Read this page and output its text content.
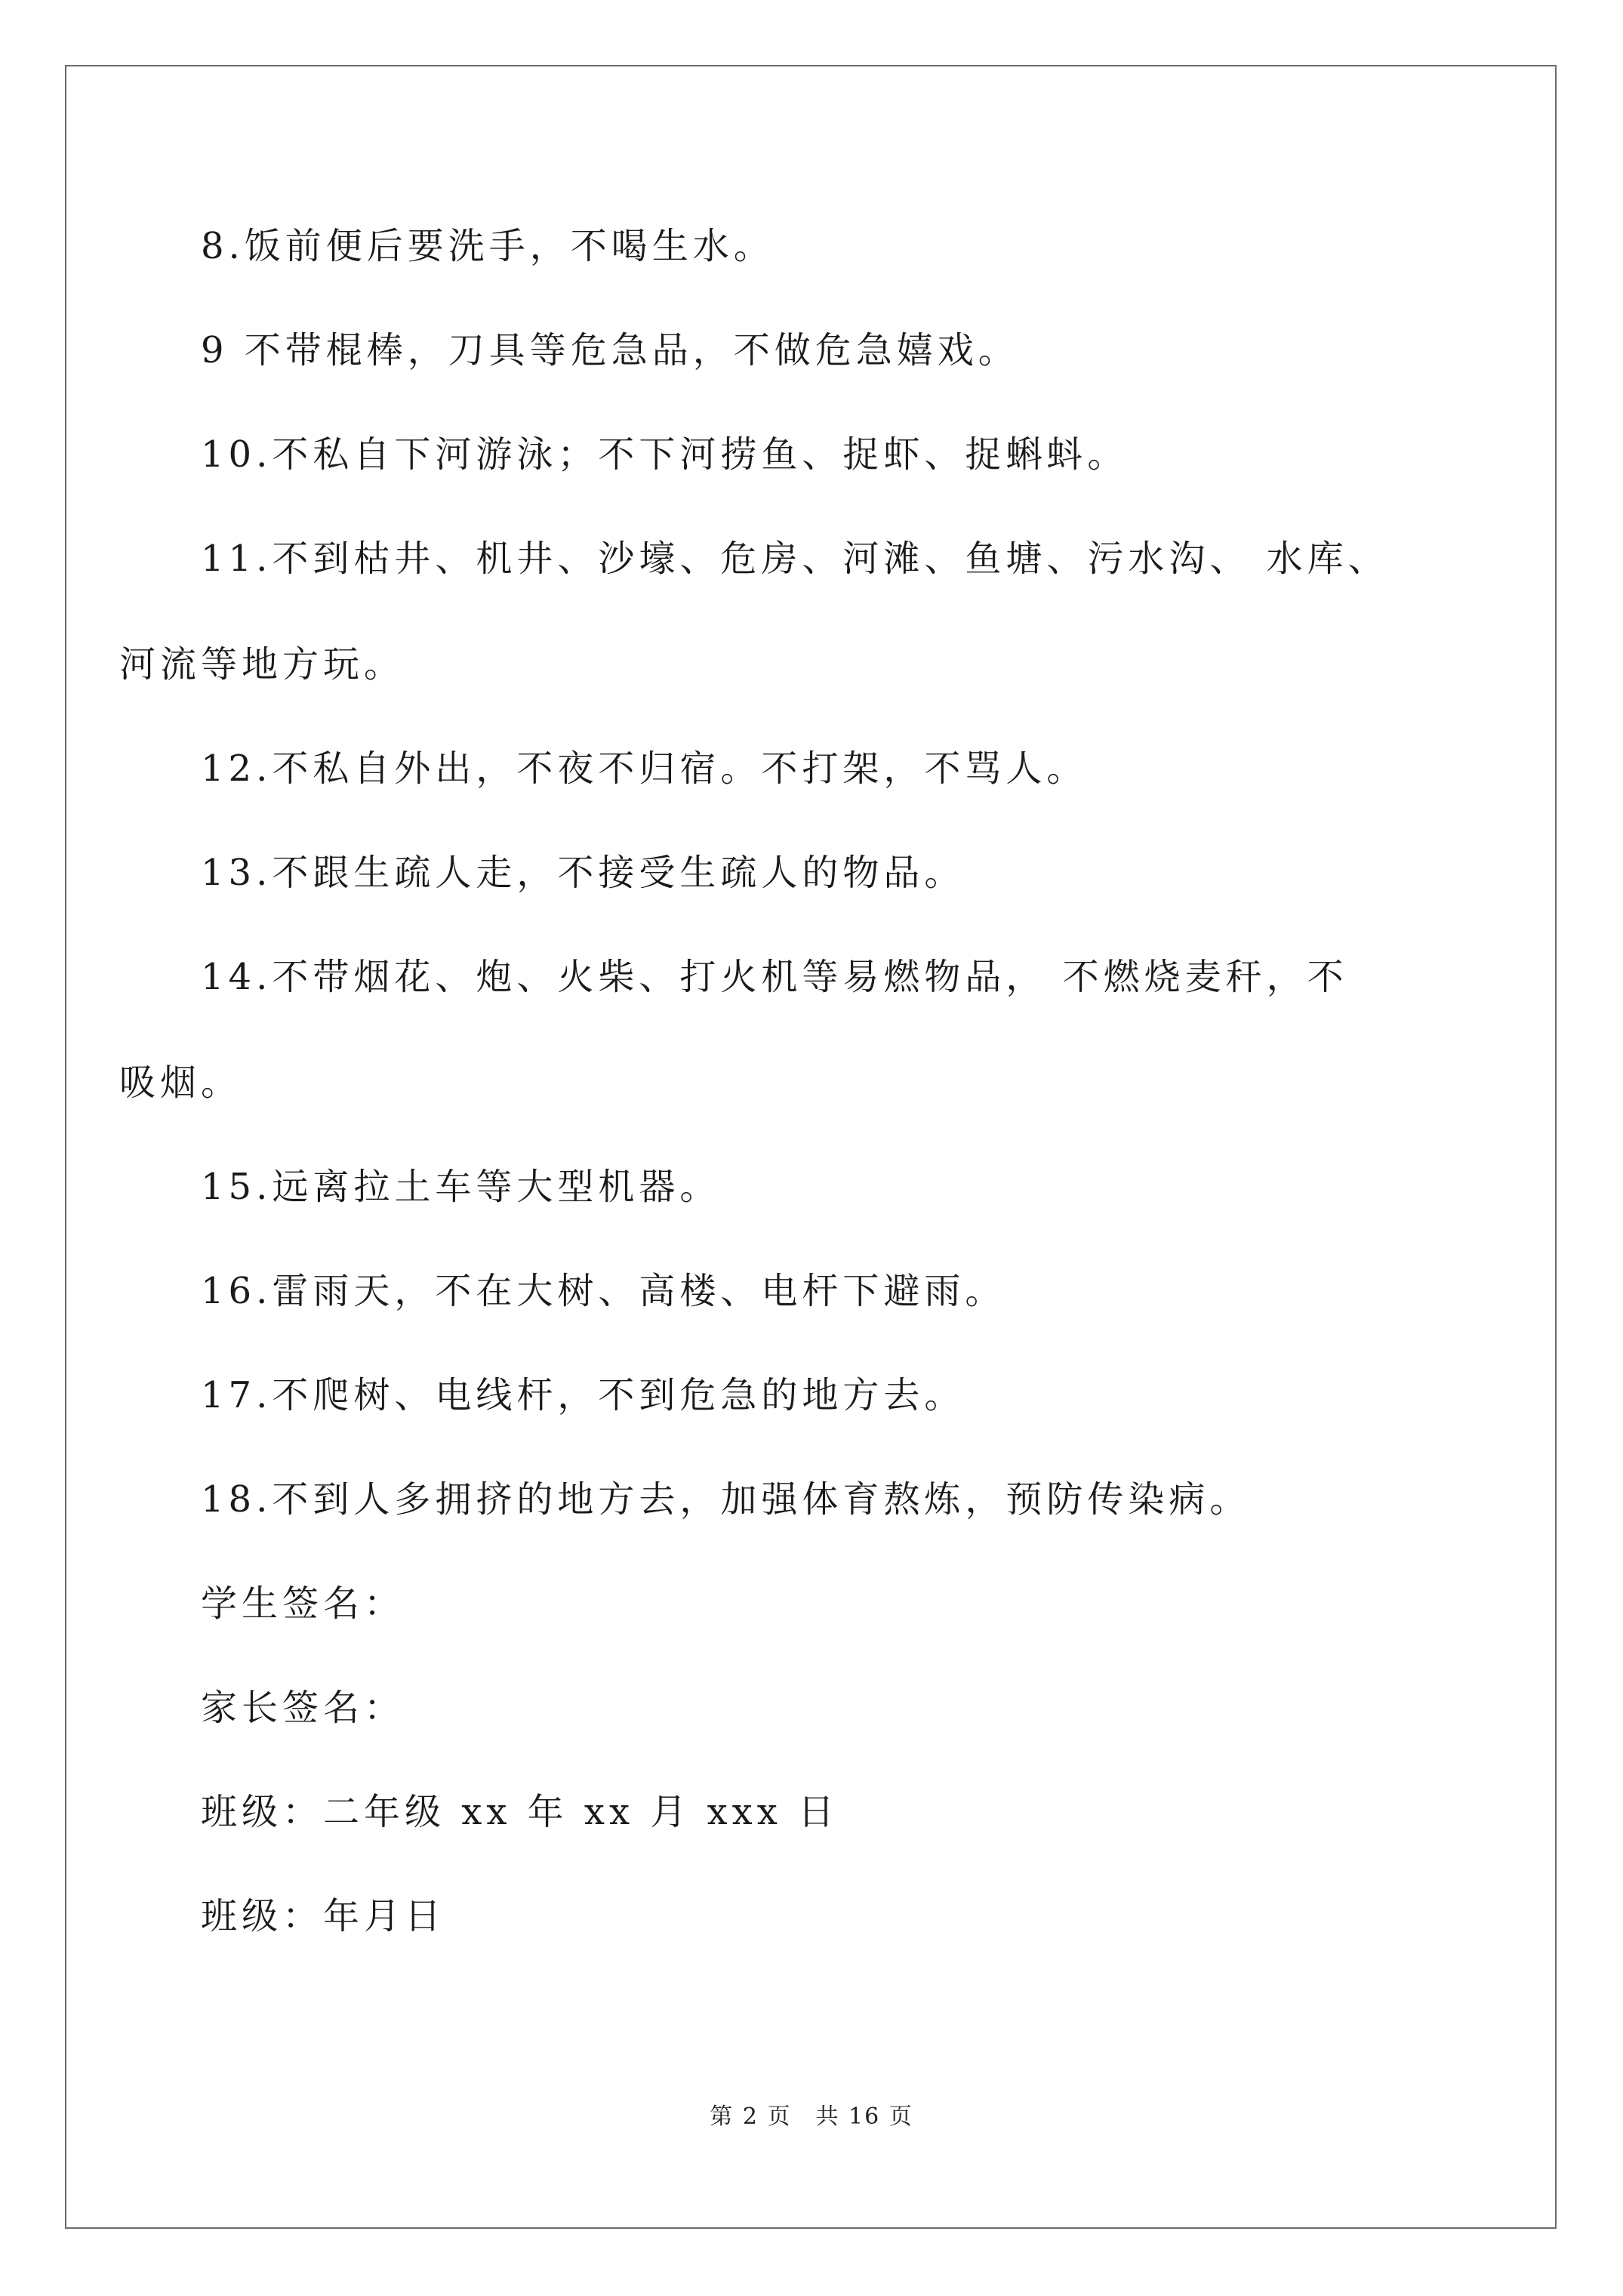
8.饭前便后要洗手，不喝生水。

9 不带棍棒，刀具等危急品，不做危急嬉戏。

10.不私自下河游泳；不下河捞鱼、捉虾、捉蝌蚪。

11.不到枯井、机井、沙壕、危房、河滩、鱼塘、污水沟、 水库、
河流等地方玩。

12.不私自外出，不夜不归宿。不打架，不骂人。

13.不跟生疏人走，不接受生疏人的物品。

14.不带烟花、炮、火柴、打火机等易燃物品， 不燃烧麦秆，不
吸烟。

15.远离拉土车等大型机器。

16.雷雨天，不在大树、高楼、电杆下避雨。

17.不爬树、电线杆，不到危急的地方去。

18.不到人多拥挤的地方去，加强体育熬炼，预防传染病。

学生签名：

家长签名：

班级：二年级 xx 年 xx 月 xxx 日

班级：年月日

第 2 页　共 16 页
